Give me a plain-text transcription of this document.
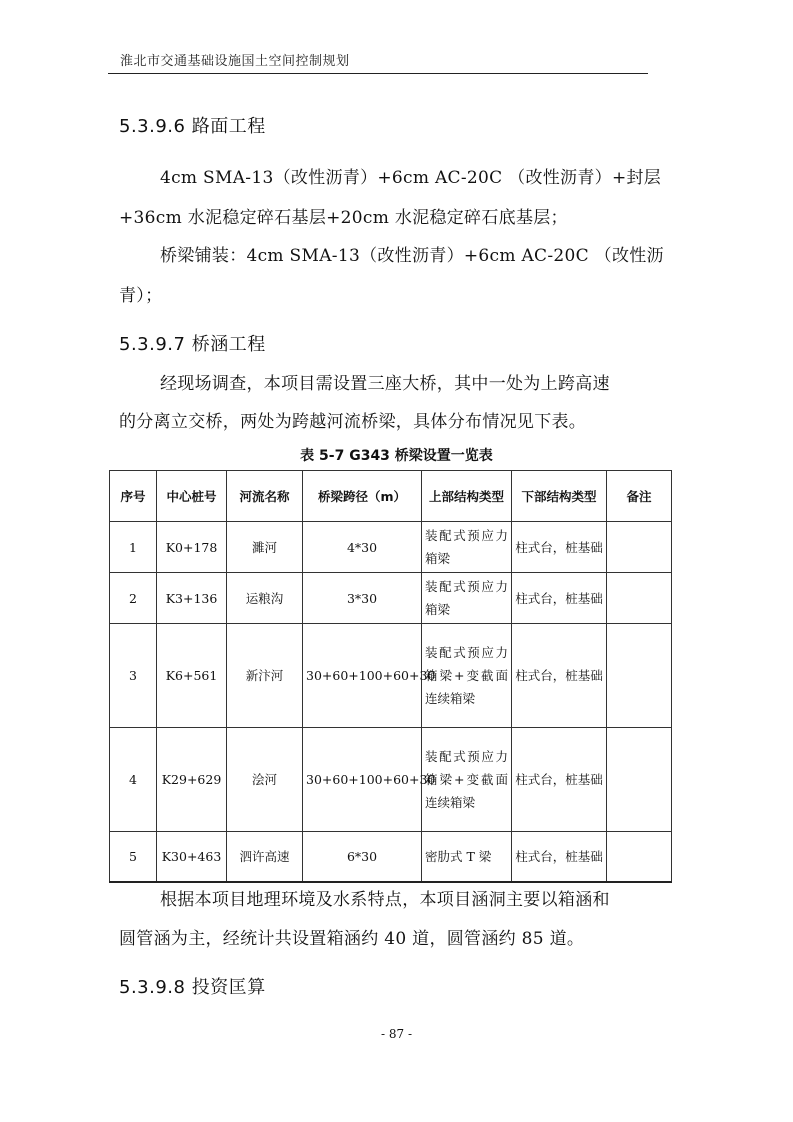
淮北市交通基础设施国土空间控制规划
5.3.9.6 路面工程
4cm SMA-13（改性沥青）+6cm AC-20C （改性沥青）+封层
+36cm 水泥稳定碎石基层+20cm 水泥稳定碎石底基层；
桥梁铺装：4cm SMA-13（改性沥青）+6cm AC-20C （改性沥
青）；
5.3.9.7 桥涵工程
经现场调查，本项目需设置三座大桥，其中一处为上跨高速
的分离立交桥，两处为跨越河流桥梁，具体分布情况见下表。
表 5-7 G343 桥梁设置一览表
序号	中心桩号	河流名称	桥梁跨径（m）	上部结构类型	下部结构类型	备注
1	K0+178	濉河	4*30	装配式预应力箱梁	柱式台，桩基础	
2	K3+136	运粮沟	3*30	装配式预应力箱梁	柱式台，桩基础	
3	K6+561	新汴河	30+60+100+60+30	装配式预应力箱梁+变截面连续箱梁	柱式台，桩基础	
4	K29+629	浍河	30+60+100+60+30	装配式预应力箱梁+变截面连续箱梁	柱式台，桩基础	
5	K30+463	泗许高速	6*30	密肋式 T 梁	柱式台，桩基础	
根据本项目地理环境及水系特点，本项目涵洞主要以箱涵和
圆管涵为主，经统计共设置箱涵约 40 道，圆管涵约 85 道。
5.3.9.8 投资匡算
- 87 -
